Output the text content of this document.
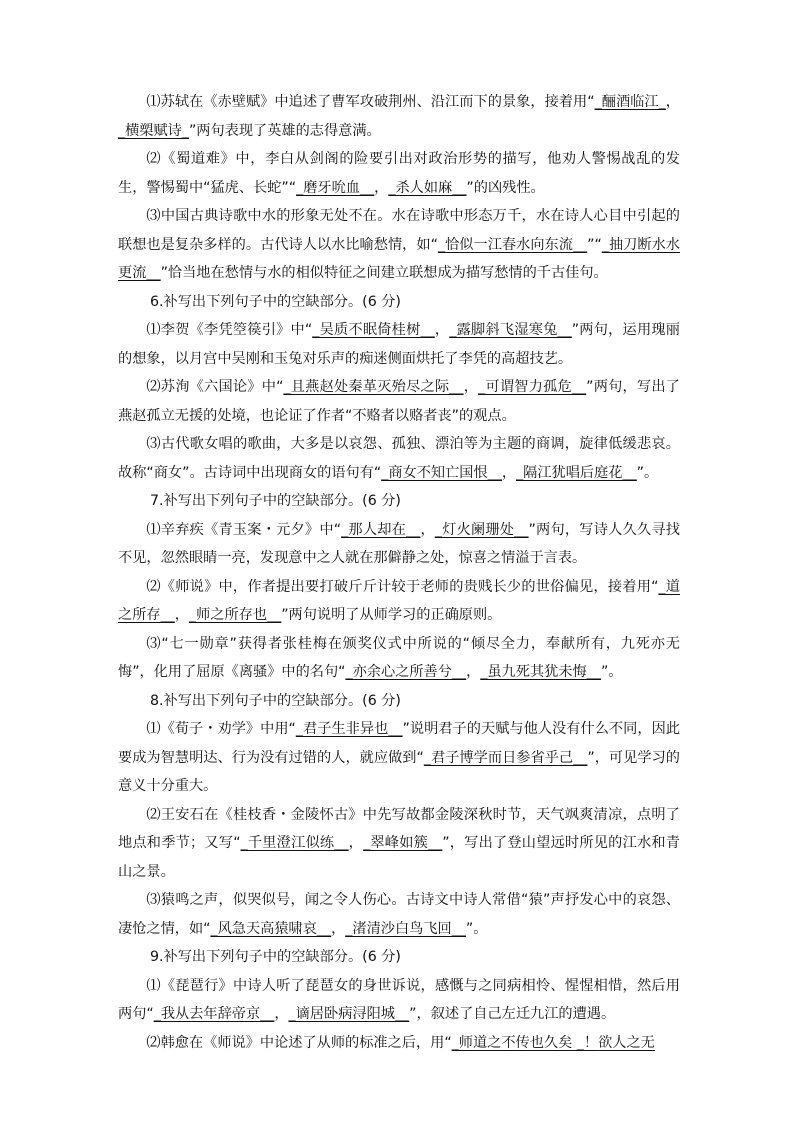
⑴苏轼在《赤壁赋》中追述了曹军攻破荆州、沿江而下的景象，接着用“_酾酒临江_，_横槊赋诗_”两句表现了英雄的志得意满。

⑵《蜀道难》中，李白从剑阁的险要引出对政治形势的描写，他劝人警惕战乱的发生，警惕蜀中“猛虎、长蛇”“_磨牙吮血__，_杀人如麻__”的凶残性。

⑶中国古典诗歌中水的形象无处不在。水在诗歌中形态万千，水在诗人心目中引起的联想也是复杂多样的。古代诗人以水比喻愁情，如“_恰似一江春水向东流__”“_抽刀断水水更流__”恰当地在愁情与水的相似特征之间建立联想成为描写愁情的千古佳句。

6.补写出下列句子中的空缺部分。(6 分)

⑴李贺《李凭箜篌引》中“_吴质不眠倚桂树__，_露脚斜飞湿寒兔__”两句，运用瑰丽的想象，以月宫中吴刚和玉兔对乐声的痴迷侧面烘托了李凭的高超技艺。

⑵苏洵《六国论》中“_且燕赵处秦革灭殆尽之际__，_可谓智力孤危__”两句，写出了燕赵孤立无援的处境，也论证了作者“不赂者以赂者丧”的观点。

⑶古代歌女唱的歌曲，大多是以哀怨、孤独、漂泊等为主题的商调，旋律低缓悲哀。故称“商女”。古诗词中出现商女的语句有“_商女不知亡国恨__，_隔江犹唱后庭花__”。

7.补写出下列句子中的空缺部分。(6 分)

⑴辛弃疾《青玉案・元夕》中“_那人却在__，_灯火阑珊处__”两句，写诗人久久寻找不见，忽然眼睛一亮，发现意中之人就在那僻静之处，惊喜之情溢于言表。

⑵《师说》中，作者提出要打破斤斤计较于老师的贵贱长少的世俗偏见，接着用“_道之所存__，_师之所存也__”两句说明了从师学习的正确原则。

⑶“七一勋章”获得者张桂梅在颁奖仪式中所说的“倾尽全力，奉献所有，九死亦无悔”，化用了屈原《离骚》中的名句“_亦余心之所善兮__，_虽九死其犹未悔__”。

8.补写出下列句子中的空缺部分。(6 分)

⑴《荀子・劝学》中用“_君子生非异也__”说明君子的天赋与他人没有什么不同，因此要成为智慧明达、行为没有过错的人，就应做到“_君子博学而日参省乎己__”，可见学习的意义十分重大。

⑵王安石在《桂枝香・金陵怀古》中先写故都金陵深秋时节，天气飒爽清凉，点明了地点和季节；又写“_千里澄江似练__，_翠峰如簇__”，写出了登山望远时所见的江水和青山之景。

⑶猿鸣之声，似哭似号，闻之令人伤心。古诗文中诗人常借“猿”声抒发心中的哀怨、凄怆之情，如“_风急天高猿啸哀__，_渚清沙白鸟飞回__”。

9.补写出下列句子中的空缺部分。(6 分)

⑴《琵琶行》中诗人听了琵琶女的身世诉说，感慨与之同病相怜、惺惺相惜，然后用两句“_我从去年辞帝京__，_谪居卧病浔阳城__”，叙述了自己左迁九江的遭遇。

⑵韩愈在《师说》中论述了从师的标准之后，用“_师道之不传也久矣 _！欲人之无
